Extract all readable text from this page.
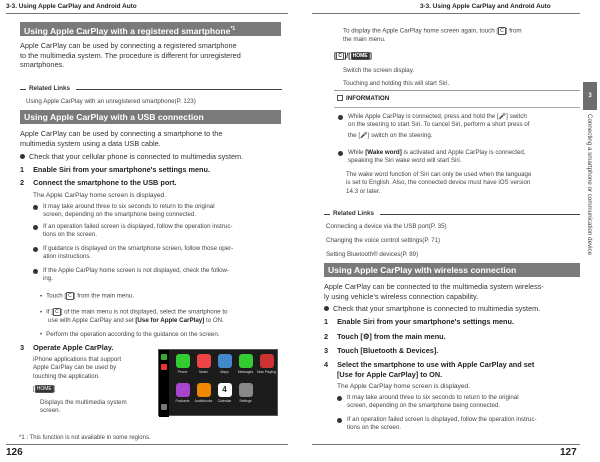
3-3. Using Apple CarPlay and Android Auto
Using Apple CarPlay with a registered smartphone$^{*1}$
Apple CarPlay can be used by connecting a registered smartphone
to the multimedia system. The procedure is different for unregistered
smartphones.
Related Links
Using Apple CarPlay with an unregistered smartphone(P. 123)
Using Apple CarPlay with a USB connection
Apple CarPlay can be used by connecting a smartphone to the
multimedia system using a data USB cable.
Check that your cellular phone is connected to multimedia system.
1 Enable Siri from your smartphone's settings menu.
2 Connect the smartphone to the USB port.
The Apple CarPlay home screen is displayed.
It may take around three to six seconds to return to the original
screen, depending on the smartphone being connected.
If an operation failed screen is displayed, follow the operation instruc-
tions on the screen.
If guidance is displayed on the smartphone screen, follow those oper-
ation instructions.
If the Apple CarPlay home screen is not displayed, check the follow-
ing.
• Touch [ C ] from the main menu.
• If [ C ] of the main menu is not displayed, select the smartphone to
use with Apple CarPlay and set [Use for Apple CarPlay] to ON.
• Perform the operation according to the guidance on the screen.
3 Operate Apple CarPlay.
iPhone applications that support
Apple CarPlay can be used by
touching the application.
[ HOME ]
Displays the multimedia system
screen.
Phone	Music	Maps	Messages	Now Playing
Podcasts	Audiobooks
4
Calendar	Settings
*1 : This function is not available in some regions.
126
3-3. Using Apple CarPlay and Android Auto
To display the Apple CarPlay home screen again, touch [ C ] from
the main menu.
[ C ]/[ HOME ]
Switch the screen display.
Touching and holding this will start Siri.
INFORMATION
While Apple CarPlay is connected, press and hold the [🎤] switch
on the steering to start Siri. To cancel Siri, perform a short press of
the [🎤] switch on the steering.
While [Wake word] is activated and Apple CarPlay is connected,
speaking the Siri wake word will start Siri.
The wake word function of Siri can only be used when the language
is set to English. Also, the connected device must have iOS version
14.3 or later.
Related Links
Connecting a device via the USB port(P. 35)
Changing the voice control settings(P. 71)
Setting Bluetooth® devices(P. 89)
Using Apple CarPlay with wireless connection
Apple CarPlay can be connected to the multimedia system wireless-
ly using vehicle's wireless connection capability.
Check that your smartphone is connected to multimedia system.
1 Enable Siri from your smartphone's settings menu.
2 Touch [⚙] from the main menu.
3 Touch [Bluetooth & Devices].
4 Select the smartphone to use with Apple CarPlay and set
[Use for Apple CarPlay] to ON.
The Apple CarPlay home screen is displayed.
It may take around three to six seconds to return to the original
screen, depending on the smartphone being connected.
If an operation failed screen is displayed, follow the operation instruc-
tions on the screen.
3
Connecting a smartphone or communication device
127
